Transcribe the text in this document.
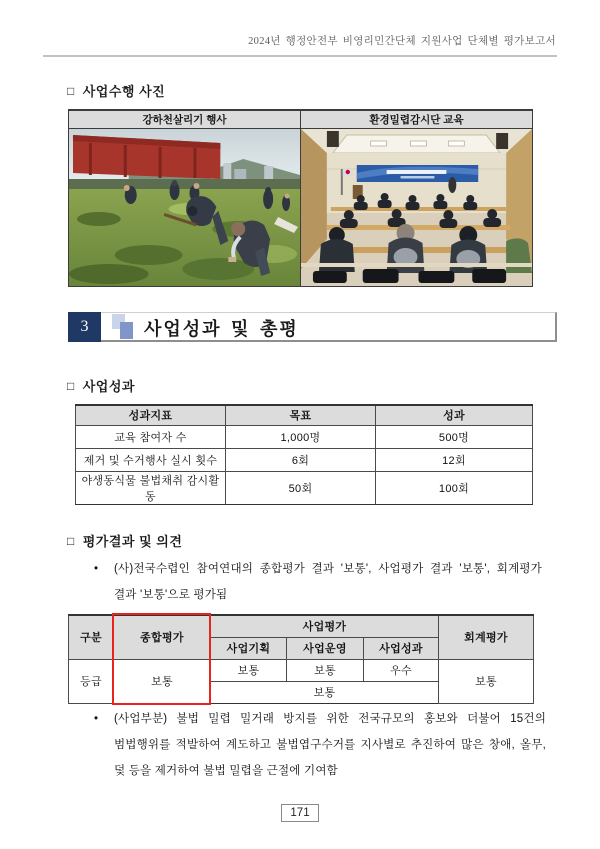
2024년 행정안전부 비영리민간단체 지원사업 단체별 평가보고서
□ 사업수행 사진
강하천살리기 행사	환경밀렵감시단 교육

3	사업성과 및 총평
□ 사업성과
성과지표	목표	성과
교육 참여자 수	1,000명	500명
제거 및 수거행사 실시 횟수	6회	12회
야생동식물 불법채취 감시활동	50회	100회
□ 평가결과 및 의견
•	(사)전국수렵인 참여연대의 종합평가 결과 '보통', 사업평가 결과 '보통', 회계평가 결과 '보통'으로 평가됨
구분	종합평가	사업평가			회계평가
		사업기획	사업운영	사업성과	
등급	보통	보통	보통	우수	보통
		보통			
•	(사업부분) 불법 밀렵 밀거래 방지를 위한 전국규모의 홍보와 더불어 15건의 범법행위를 적발하여 계도하고 불법엽구수거를 지사별로 추진하여 많은 창애, 올무, 덫 등을 제거하여 불법 밀렵을 근절에 기여함
171
